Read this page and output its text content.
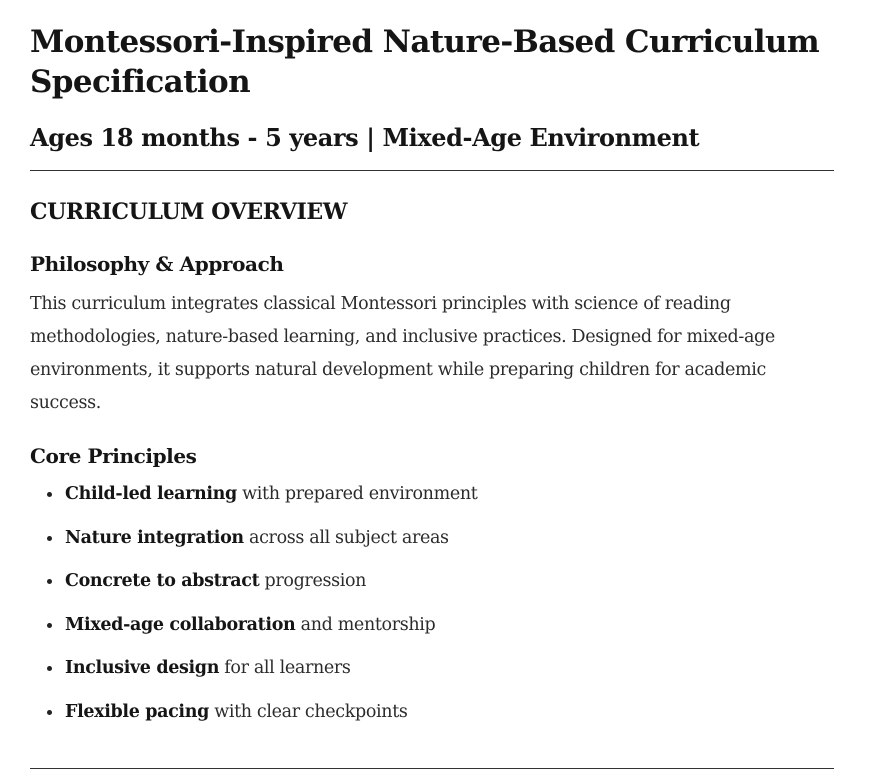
Montessori-Inspired Nature-Based Curriculum Specification
Ages 18 months - 5 years | Mixed-Age Environment
CURRICULUM OVERVIEW
Philosophy & Approach

This curriculum integrates classical Montessori principles with science of reading methodologies, nature-based learning, and inclusive practices. Designed for mixed-age environments, it supports natural development while preparing children for academic success.

Core Principles
Child-led learning with prepared environment
Nature integration across all subject areas
Concrete to abstract progression
Mixed-age collaboration and mentorship
Inclusive design for all learners
Flexible pacing with clear checkpoints
